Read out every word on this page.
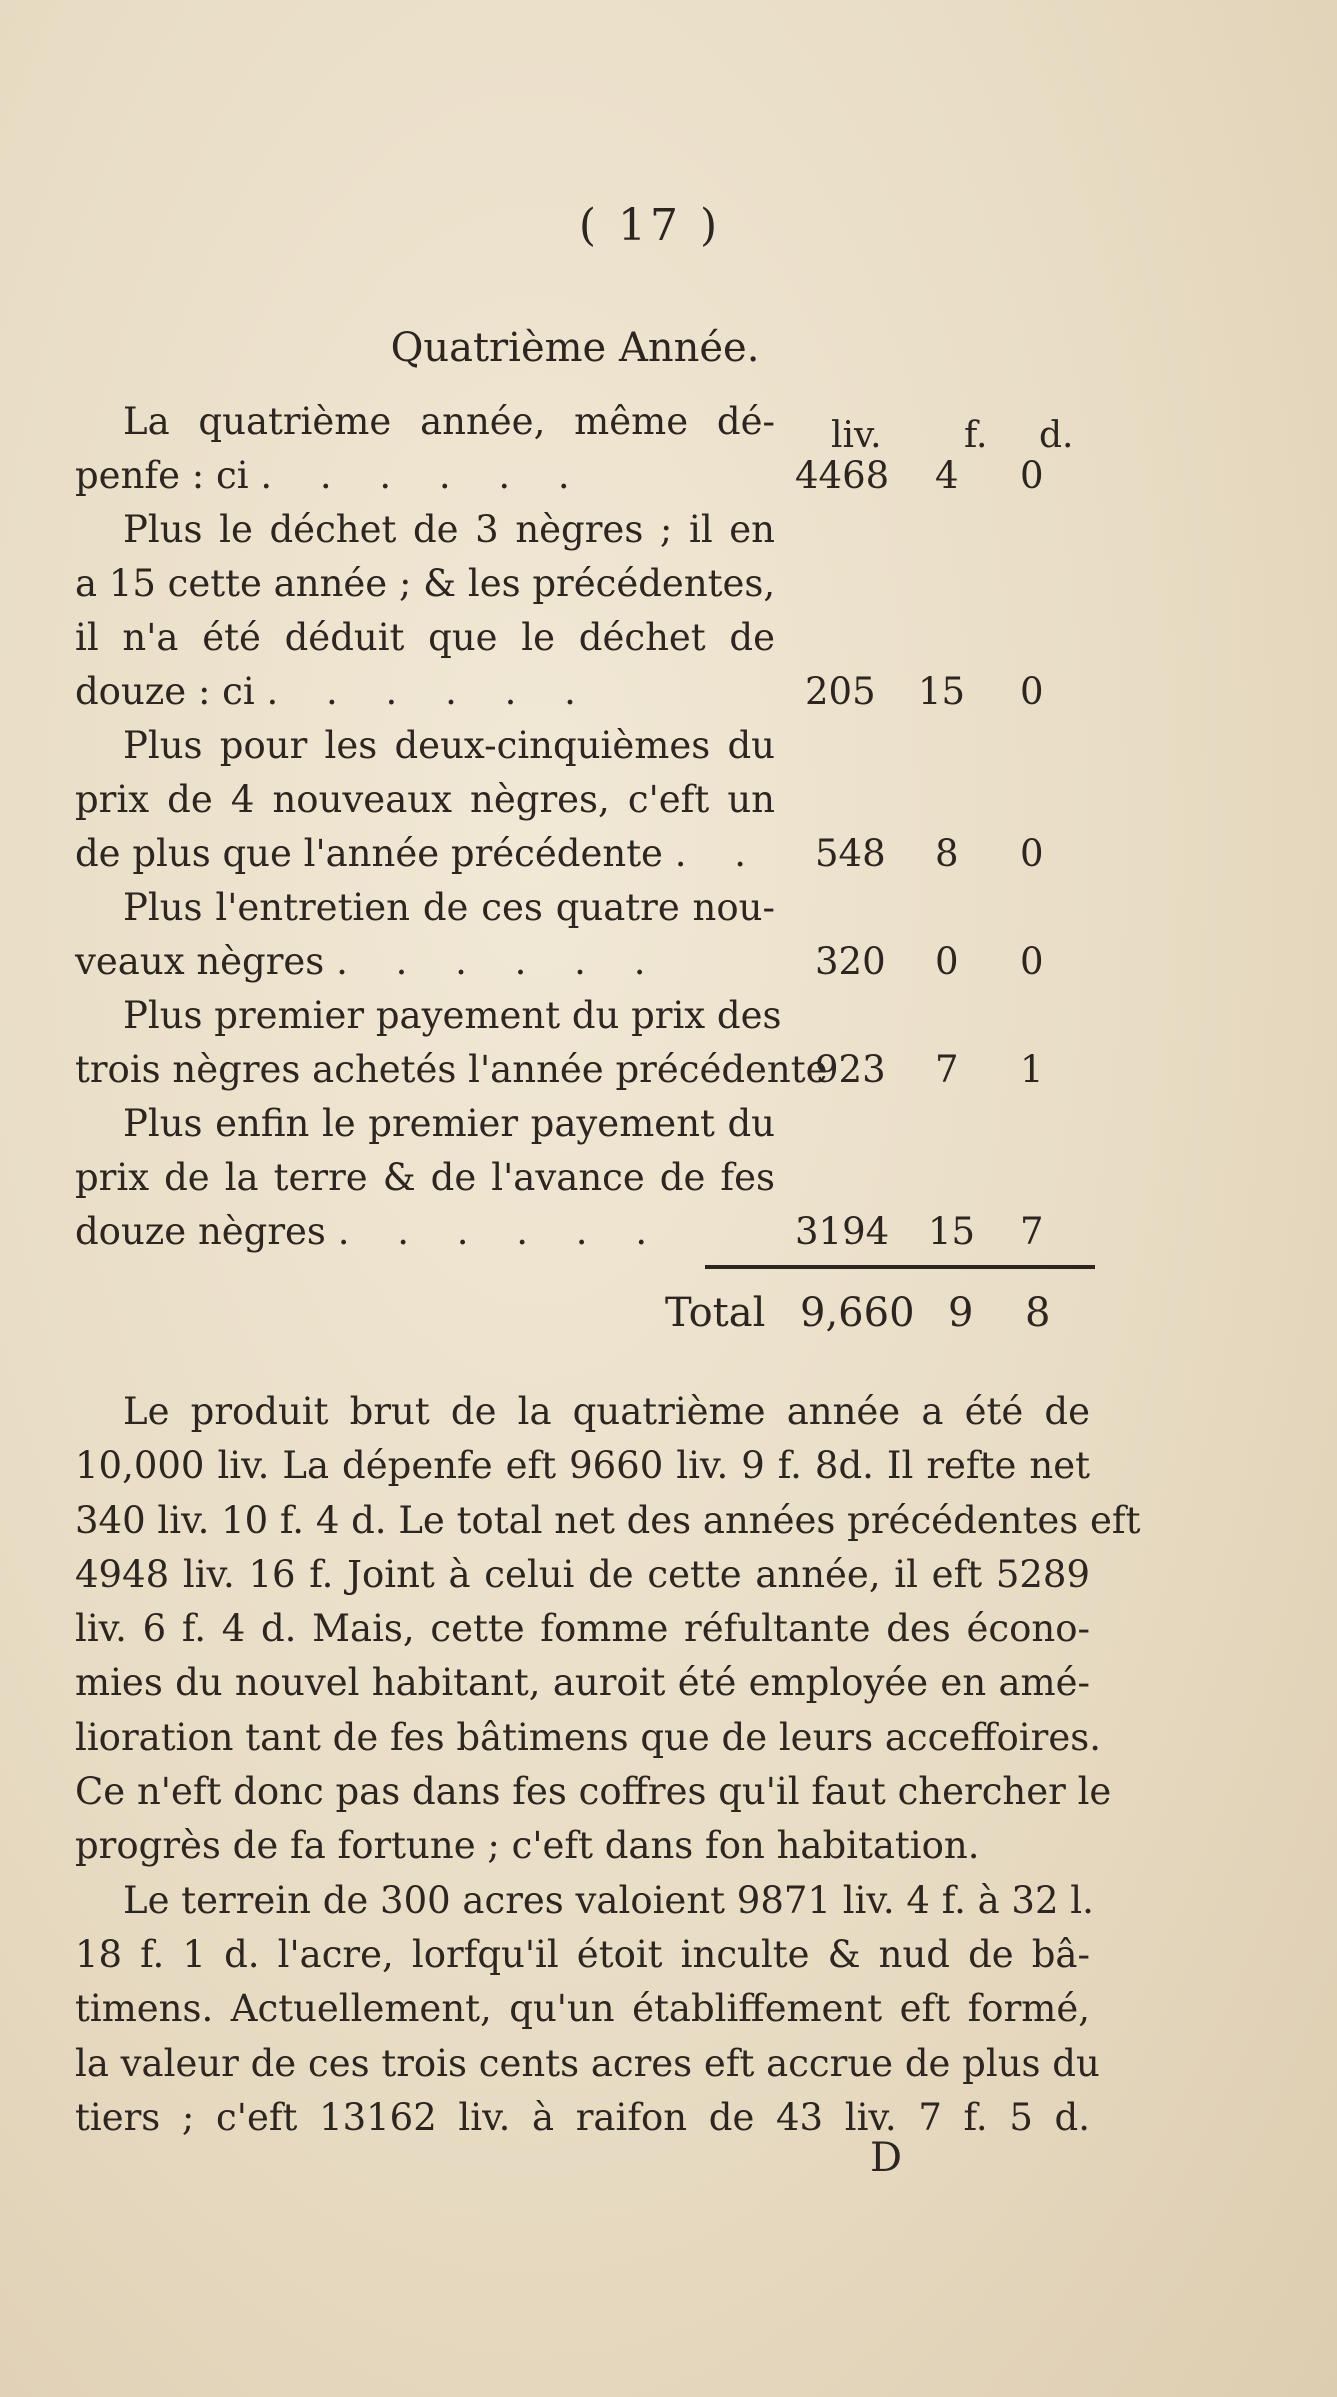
( 17 )

Quatrième Année.
liv. f. d.
La quatrième année, même dé-
penfe : ci . . . . . .	4468 4 0
Plus le déchet de 3 nègres ; il en
a 15 cette année ; & les précédentes,
il n'a été déduit que le déchet de
douze : ci . . . . . .	205 15 0
Plus pour les deux-cinquièmes du
prix de 4 nouveaux nègres, c'eft un
de plus que l'année précédente . . 548 8 0
Plus l'entretien de ces quatre nou-
veaux nègres . . . . . .	320 0 0
Plus premier payement du prix des
trois nègres achetés l'année précédente
923 7 1
Plus enfin le premier payement du
prix de la terre & de l'avance de fes
douze nègres . . . . . .	3194 15 7
Total 9,660 9 8
Le produit brut de la quatrième année a été de
10,000 liv. La dépenfe eft 9660 liv. 9 f. 8d. Il refte net
340 liv. 10 f. 4 d. Le total net des années précédentes eft
4948 liv. 16 f. Joint à celui de cette année, il eft 5289
liv. 6 f. 4 d. Mais, cette fomme réfultante des écono-
mies du nouvel habitant, auroit été employée en amé-
lioration tant de fes bâtimens que de leurs acceffoires.
Ce n'eft donc pas dans fes coffres qu'il faut chercher le
progrès de fa fortune ; c'eft dans fon habitation.
Le terrein de 300 acres valoient 9871 liv. 4 f. à 32 l.
18 f. 1 d. l'acre, lorfqu'il étoit inculte & nud de bâ-
timens. Actuellement, qu'un établiffement eft formé,
la valeur de ces trois cents acres eft accrue de plus du
tiers ; c'eft 13162 liv. à raifon de 43 liv. 7 f. 5 d.

D
